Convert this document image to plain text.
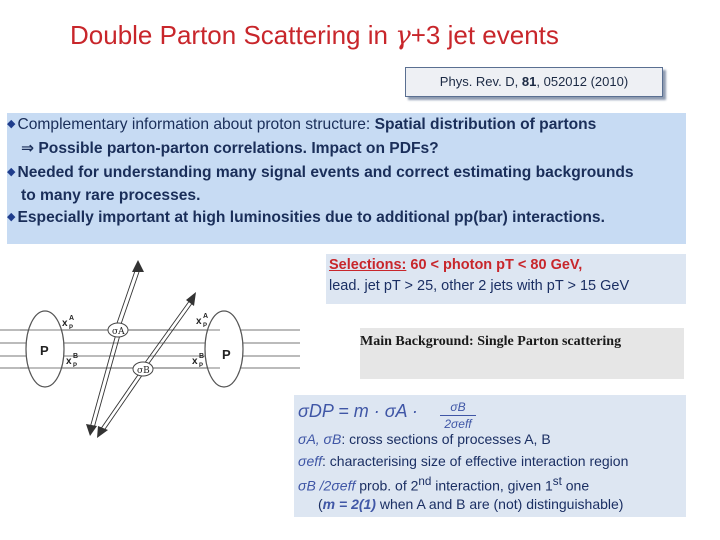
Double Parton Scattering in γ+3 jet events
Phys. Rev. D, 81, 052012 (2010)
◆ Complementary information about proton structure: Spatial distribution of partons
⇒ Possible parton-parton correlations. Impact on PDFs?
◆ Needed for understanding many signal events and correct estimating backgrounds
to many rare processes.
◆ Especially important at high luminosities due to additional pp(bar) interactions.
Selections: 60 < photon pT < 80 GeV,
lead. jet pT > 25, other 2 jets with pT > 15 GeV
Main Background: Single Parton scattering
σDP = m · σA ·	σB
2σeff
σA, σB: cross sections of processes A, B
σeff: characterising size of effective interaction region
σB /2σeff prob. of 2nd interaction, given 1st one
(m = 2(1) when A and B are (not) distinguishable)
σA
σB
P	P
x A
P
x B
P
x A
P
x B
P
